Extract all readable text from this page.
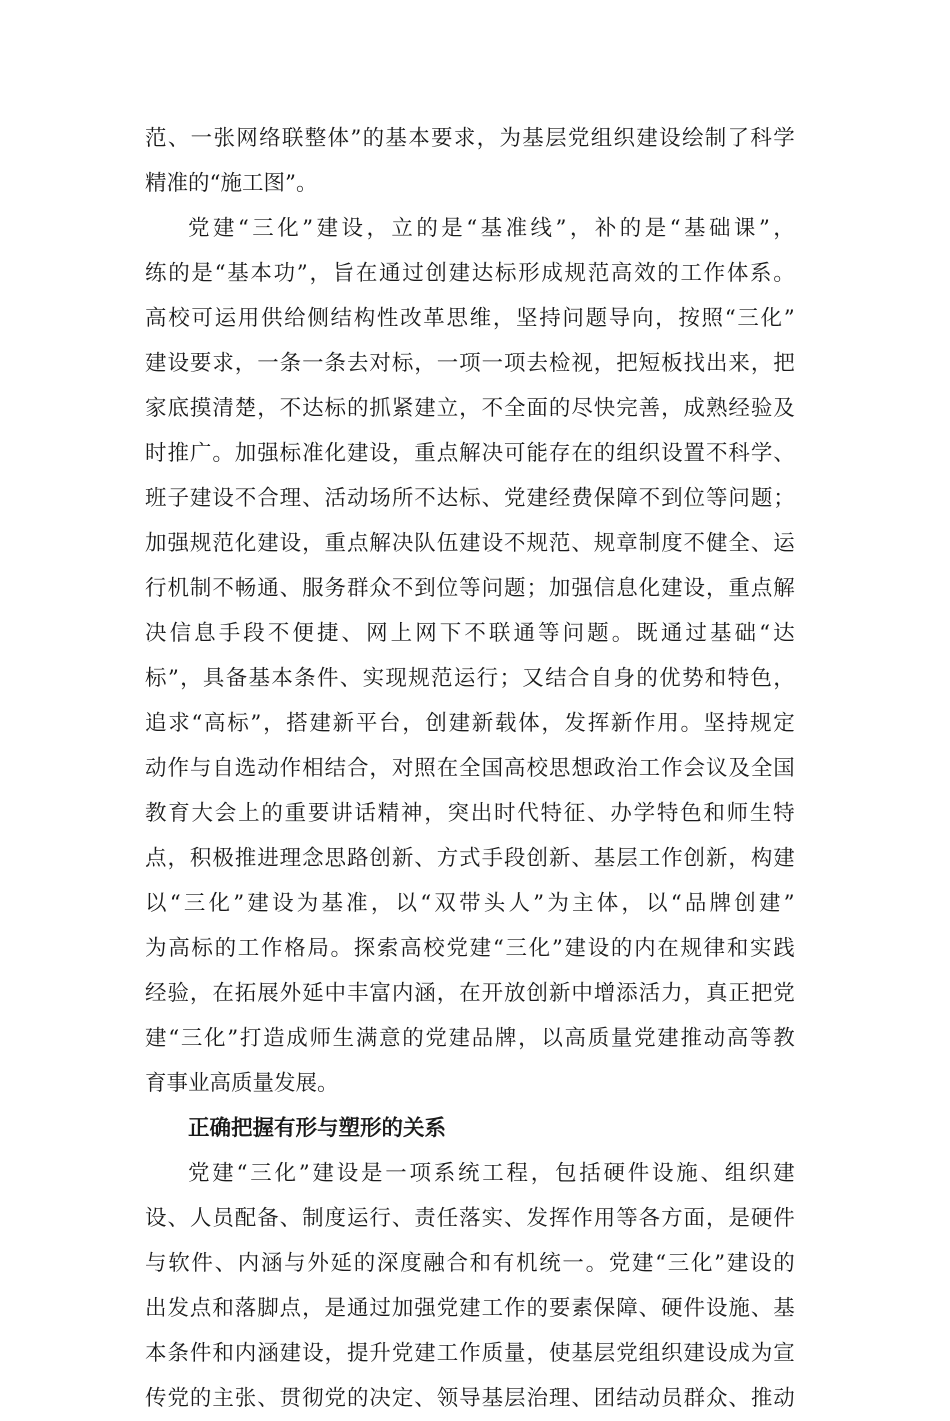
范 、 一 张 网 络 联 整 体 ” 的 基 本 要 求 ， 为 基 层 党 组 织 建 设 绘 制 了 科 学
精准的“施工图”。
党 建 “ 三 化 ” 建 设 ， 立 的 是 “ 基 准 线 ” ， 补 的 是 “ 基 础 课 ” ，
练 的 是 “ 基 本 功 ” ， 旨 在 通 过 创 建 达 标 形 成 规 范 高 效 的 工 作 体 系 。
高 校 可 运 用 供 给 侧 结 构 性 改 革 思 维 ， 坚 持 问 题 导 向 ， 按 照 “ 三 化 ”
建 设 要 求 ， 一 条 一 条 去 对 标 ， 一 项 一 项 去 检 视 ， 把 短 板 找 出 来 ， 把
家 底 摸 清 楚 ， 不 达 标 的 抓 紧 建 立 ， 不 全 面 的 尽 快 完 善 ， 成 熟 经 验 及
时 推 广 。 加 强 标 准 化 建 设 ， 重 点 解 决 可 能 存 在 的 组 织 设 置 不 科 学 、
班 子 建 设 不 合 理 、 活 动 场 所 不 达 标 、 党 建 经 费 保 障 不 到 位 等 问 题 ；
加 强 规 范 化 建 设 ， 重 点 解 决 队 伍 建 设 不 规 范 、 规 章 制 度 不 健 全 、 运
行 机 制 不 畅 通 、 服 务 群 众 不 到 位 等 问 题 ； 加 强 信 息 化 建 设 ， 重 点 解
决 信 息 手 段 不 便 捷 、 网 上 网 下 不 联 通 等 问 题 。 既 通 过 基 础 “ 达
标 ” ， 具 备 基 本 条 件 、 实 现 规 范 运 行 ； 又 结 合 自 身 的 优 势 和 特 色 ，
追 求 “ 高 标 ” ， 搭 建 新 平 台 ， 创 建 新 载 体 ， 发 挥 新 作 用 。 坚 持 规 定
动 作 与 自 选 动 作 相 结 合 ， 对 照 在 全 国 高 校 思 想 政 治 工 作 会 议 及 全 国
教 育 大 会 上 的 重 要 讲 话 精 神 ， 突 出 时 代 特 征 、 办 学 特 色 和 师 生 特
点 ， 积 极 推 进 理 念 思 路 创 新 、 方 式 手 段 创 新 、 基 层 工 作 创 新 ， 构 建
以 “ 三 化 ” 建 设 为 基 准 ， 以 “ 双 带 头 人 ” 为 主 体 ， 以 “ 品 牌 创 建 ”
为 高 标 的 工 作 格 局 。 探 索 高 校 党 建 “ 三 化 ” 建 设 的 内 在 规 律 和 实 践
经 验 ， 在 拓 展 外 延 中 丰 富 内 涵 ， 在 开 放 创 新 中 增 添 活 力 ， 真 正 把 党
建 “ 三 化 ” 打 造 成 师 生 满 意 的 党 建 品 牌 ， 以 高 质 量 党 建 推 动 高 等 教
育事业高质量发展。
正确把握有形与塑形的关系
党 建 “ 三 化 ” 建 设 是 一 项 系 统 工 程 ， 包 括 硬 件 设 施 、 组 织 建
设 、 人 员 配 备 、 制 度 运 行 、 责 任 落 实 、 发 挥 作 用 等 各 方 面 ， 是 硬 件
与 软 件 、 内 涵 与 外 延 的 深 度 融 合 和 有 机 统 一 。 党 建 “ 三 化 ” 建 设 的
出 发 点 和 落 脚 点 ， 是 通 过 加 强 党 建 工 作 的 要 素 保 障 、 硬 件 设 施 、 基
本 条 件 和 内 涵 建 设 ， 提 升 党 建 工 作 质 量 ， 使 基 层 党 组 织 建 设 成 为 宣
传 党 的 主 张 、 贯 彻 党 的 决 定 、 领 导 基 层 治 理 、 团 结 动 员 群 众 、 推 动
